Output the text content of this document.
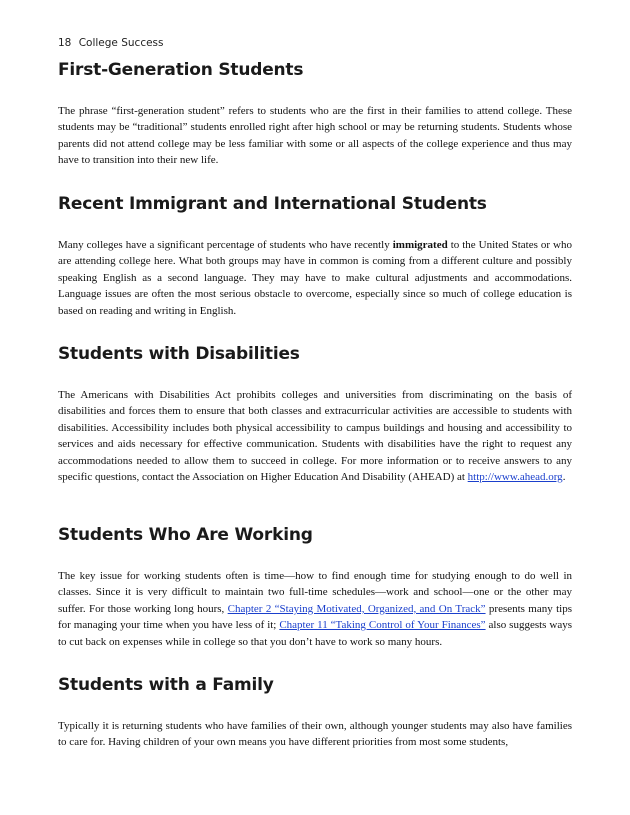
18 College Success
First-Generation Students

The phrase “first-generation student” refers to students who are the first in their families to attend college. These students may be “traditional” students enrolled right after high school or may be returning students. Students whose parents did not attend college may be less familiar with some or all aspects of the college experience and thus may have to transition into their new life.

Recent Immigrant and International Students

Many colleges have a significant percentage of students who have recently immigrated to the United States or who are attending college here. What both groups may have in common is coming from a different culture and possibly speaking English as a second language. They may have to make cultural adjustments and accommodations. Language issues are often the most serious obstacle to overcome, especially since so much of college education is based on reading and writing in English.

Students with Disabilities

The Americans with Disabilities Act prohibits colleges and universities from discriminating on the basis of disabilities and forces them to ensure that both classes and extracurricular activities are accessible to students with disabilities. Accessibility includes both physical accessibility to campus buildings and housing and accessibility to services and aids necessary for effective communication. Students with disabilities have the right to request any accommodations needed to allow them to succeed in college. For more information or to receive answers to any specific questions, contact the Association on Higher Education And Disability (AHEAD) at http://www.ahead.org.

Students Who Are Working

The key issue for working students often is time—how to find enough time for studying enough to do well in classes. Since it is very difficult to maintain two full-time schedules—work and school—one or the other may suffer. For those working long hours, Chapter 2 “Staying Motivated, Organized, and On Track” presents many tips for managing your time when you have less of it; Chapter 11 “Taking Control of Your Finances” also suggests ways to cut back on expenses while in college so that you don’t have to work so many hours.

Students with a Family

Typically it is returning students who have families of their own, although younger students may also have families to care for. Having children of your own means you have different priorities from most some students,
